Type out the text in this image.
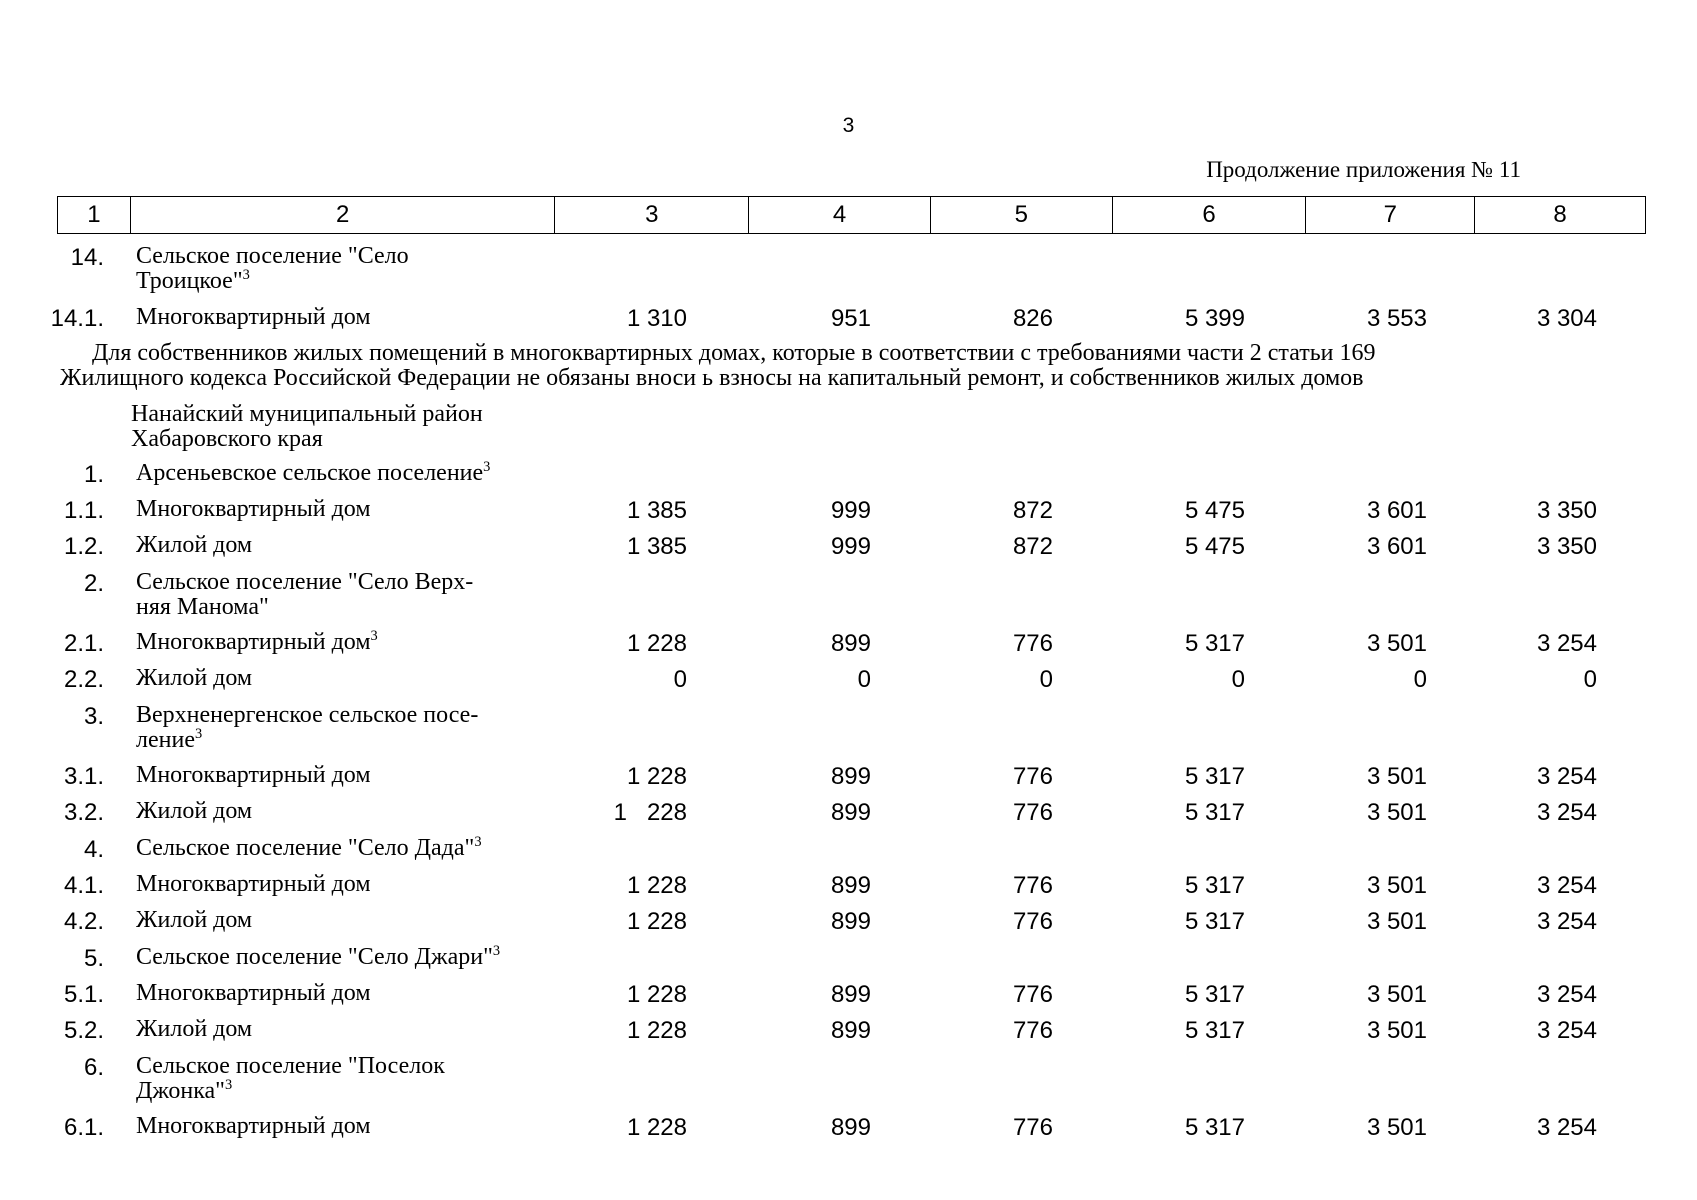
3
Продолжение приложения № 11
1	2	3	4	5	6	7	8
Для собственников жилых помещений в многоквартирных домах, которые в соответствии с требованиями части 2 статьи 169
Жилищного кодекса Российской Федерации не обязаны вноси ь взносы на капитальный ремонт, и собственников жилых домов
Нанайский муниципальный район
Хабаровского края
14. Сельское поселение "Село
Троицкое"$^3$
14.1. Многоквартирный дом	1 310	951	826	5 399	3 553	3 304
1. Арсеньевское сельское поселение$^3$
1.1. Многоквартирный дом	1 385	999	872	5 475	3 601	3 350
1.2. Жилой дом	1 385	999	872	5 475	3 601	3 350
2. Сельское поселение "Село Верх-
няя Манома"
2.1. Многоквартирный дом$^3$	1 228	899	776	5 317	3 501	3 254
2.2. Жилой дом	0	0	0	0	0	0
3. Верхненергенское сельское посе-
ление$^3$
3.1. Многоквартирный дом	1 228	899	776	5 317	3 501	3 254
3.2. Жилой дом	1   228	899	776	5 317	3 501	3 254
4. Сельское поселение "Село Дада"$^3$
4.1. Многоквартирный дом	1 228	899	776	5 317	3 501	3 254
4.2. Жилой дом	1 228	899	776	5 317	3 501	3 254
5. Сельское поселение "Село Джари"$^3$
5.1. Многоквартирный дом	1 228	899	776	5 317	3 501	3 254
5.2. Жилой дом	1 228	899	776	5 317	3 501	3 254
6. Сельское поселение "Поселок
Джонка"$^3$
6.1. Многоквартирный дом	1 228	899	776	5 317	3 501	3 254
